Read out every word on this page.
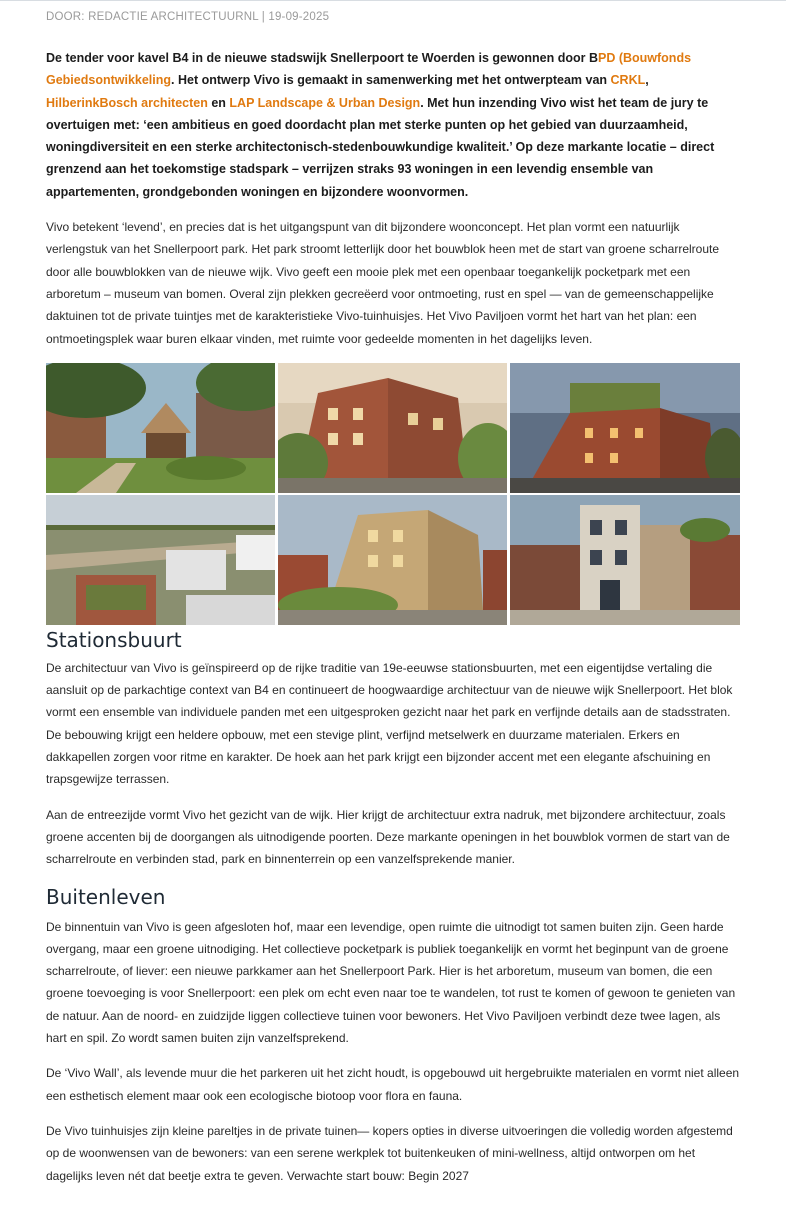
DOOR: REDACTIE ARCHITECTUURNL | 19-09-2025

De tender voor kavel B4 in de nieuwe stadswijk Snellerpoort te Woerden is gewonnen door BPD (Bouwfonds Gebiedsontwikkeling. Het ontwerp Vivo is gemaakt in samenwerking met het ontwerpteam van CRKL, HilberinkBosch architecten en LAP Landscape & Urban Design. Met hun inzending Vivo wist het team de jury te overtuigen met: ‘een ambitieus en goed doordacht plan met sterke punten op het gebied van duurzaamheid, woningdiversiteit en een sterke architectonisch-stedenbouwkundige kwaliteit.’ Op deze markante locatie – direct grenzend aan het toekomstige stadspark – verrijzen straks 93 woningen in een levendig ensemble van appartementen, grondgebonden woningen en bijzondere woonvormen.

Vivo betekent ‘levend’, en precies dat is het uitgangspunt van dit bijzondere woonconcept. Het plan vormt een natuurlijk verlengstuk van het Snellerpoort park. Het park stroomt letterlijk door het bouwblok heen met de start van groene scharrelroute door alle bouwblokken van de nieuwe wijk. Vivo geeft een mooie plek met een openbaar toegankelijk pocketpark met een arboretum – museum van bomen. Overal zijn plekken gecreëerd voor ontmoeting, rust en spel — van de gemeenschappelijke daktuinen tot de private tuintjes met de karakteristieke Vivo-tuinhuisjes. Het Vivo Paviljoen vormt het hart van het plan: een ontmoetingsplek waar buren elkaar vinden, met ruimte voor gedeelde momenten in het dagelijks leven.

Stationsbuurt

De architectuur van Vivo is geïnspireerd op de rijke traditie van 19e-eeuwse stationsbuurten, met een eigentijdse vertaling die aansluit op de parkachtige context van B4 en continueert de hoogwaardige architectuur van de nieuwe wijk Snellerpoort. Het blok vormt een ensemble van individuele panden met een uitgesproken gezicht naar het park en verfijnde details aan de stadsstraten. De bebouwing krijgt een heldere opbouw, met een stevige plint, verfijnd metselwerk en duurzame materialen. Erkers en dakkapellen zorgen voor ritme en karakter. De hoek aan het park krijgt een bijzonder accent met een elegante afschuining en trapsgewijze terrassen.

Aan de entreezijde vormt Vivo het gezicht van de wijk. Hier krijgt de architectuur extra nadruk, met bijzondere architectuur, zoals groene accenten bij de doorgangen als uitnodigende poorten. Deze markante openingen in het bouwblok vormen de start van de scharrelroute en verbinden stad, park en binnenterrein op een vanzelfsprekende manier.

Buitenleven

De binnentuin van Vivo is geen afgesloten hof, maar een levendige, open ruimte die uitnodigt tot samen buiten zijn. Geen harde overgang, maar een groene uitnodiging. Het collectieve pocketpark is publiek toegankelijk en vormt het beginpunt van de groene scharrelroute, of liever: een nieuwe parkkamer aan het Snellerpoort Park. Hier is het arboretum, museum van bomen, die een groene toevoeging is voor Snellerpoort: een plek om echt even naar toe te wandelen, tot rust te komen of gewoon te genieten van de natuur. Aan de noord- en zuidzijde liggen collectieve tuinen voor bewoners. Het Vivo Paviljoen verbindt deze twee lagen, als hart en spil. Zo wordt samen buiten zijn vanzelfsprekend.

De ‘Vivo Wall’, als levende muur die het parkeren uit het zicht houdt, is opgebouwd uit hergebruikte materialen en vormt niet alleen een esthetisch element maar ook een ecologische biotoop voor flora en fauna.

De Vivo tuinhuisjes zijn kleine pareltjes in de private tuinen— kopers opties in diverse uitvoeringen die volledig worden afgestemd op de woonwensen van de bewoners: van een serene werkplek tot buitenkeuken of mini-wellness, altijd ontworpen om het dagelijks leven nét dat beetje extra te geven. Verwachte start bouw: Begin 2027
